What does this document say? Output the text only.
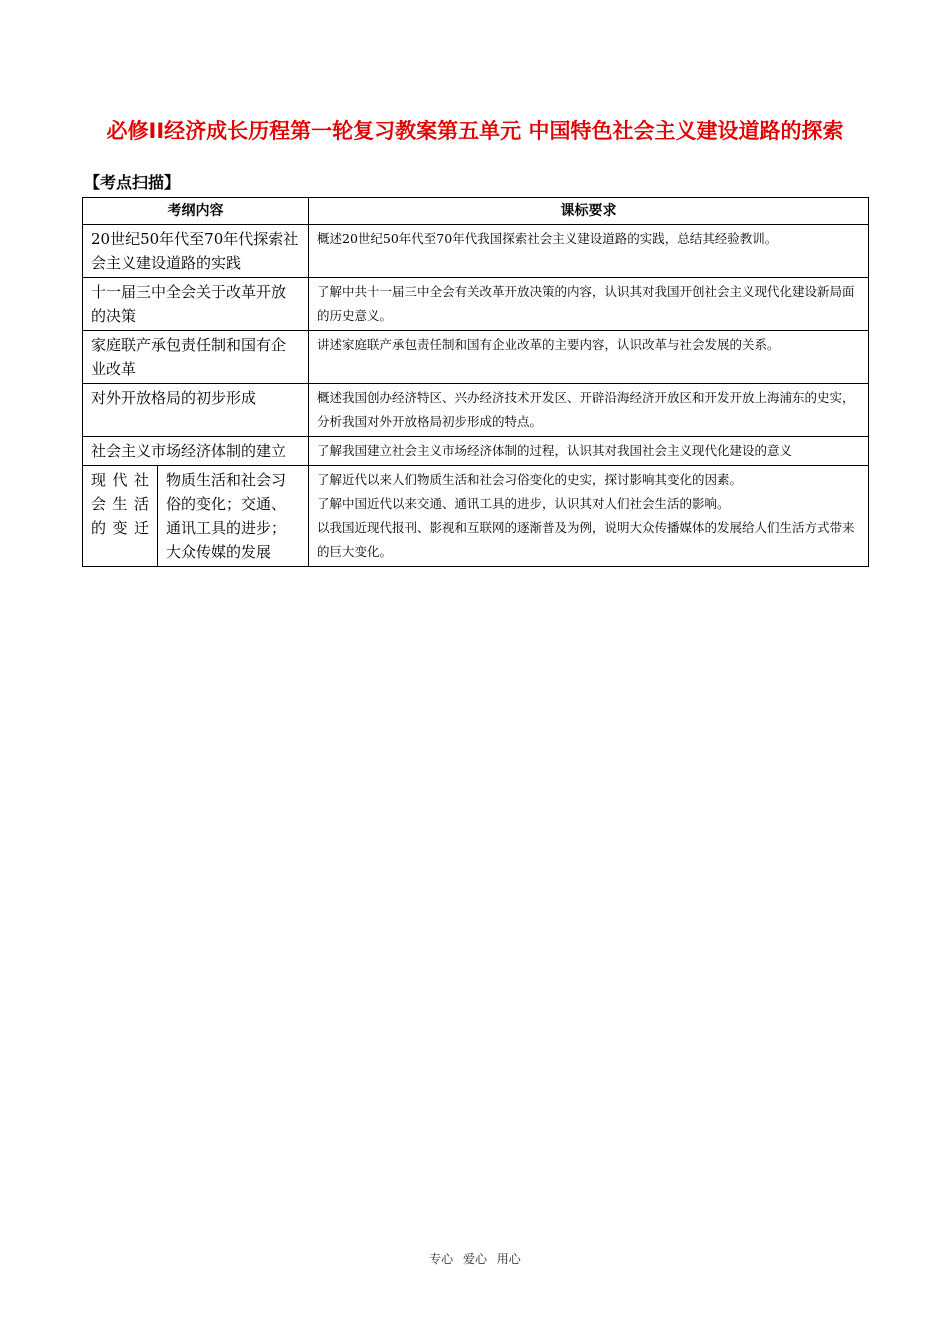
必修II经济成长历程第一轮复习教案第五单元 中国特色社会主义建设道路的探索
【考点扫描】
考纲内容		课标要求
20世纪50年代至70年代探索社会主义建设道路的实践		概述20世纪50年代至70年代我国探索社会主义建设道路的实践，总结其经验教训。

十一届三中全会关于改革开放的决策		了解中共十一届三中全会有关改革开放决策的内容，认识其对我国开创社会主义现代化建设新局面的历史意义。

家庭联产承包责任制和国有企业改革		讲述家庭联产承包责任制和国有企业改革的主要内容，认识改革与社会发展的关系。

对外开放格局的初步形成		概述我国创办经济特区、兴办经济技术开发区、开辟沿海经济开放区和开发开放上海浦东的史实，分析我国对外开放格局初步形成的特点。

社会主义市场经济体制的建立		了解我国建立社会主义市场经济体制的过程，认识其对我国社会主义现代化建设的意义

现代社会生活的变迁	物质生活和社会习俗的变化；交通、通讯工具的进步；大众传媒的发展	了解近代以来人们物质生活和社会习俗变化的史实，探讨影响其变化的因素。
了解中国近代以来交通、通讯工具的进步，认识其对人们社会生活的影响。
以我国近现代报刊、影视和互联网的逐渐普及为例，说明大众传播媒体的发展给人们生活方式带来的巨大变化。
专心 爱心 用心
